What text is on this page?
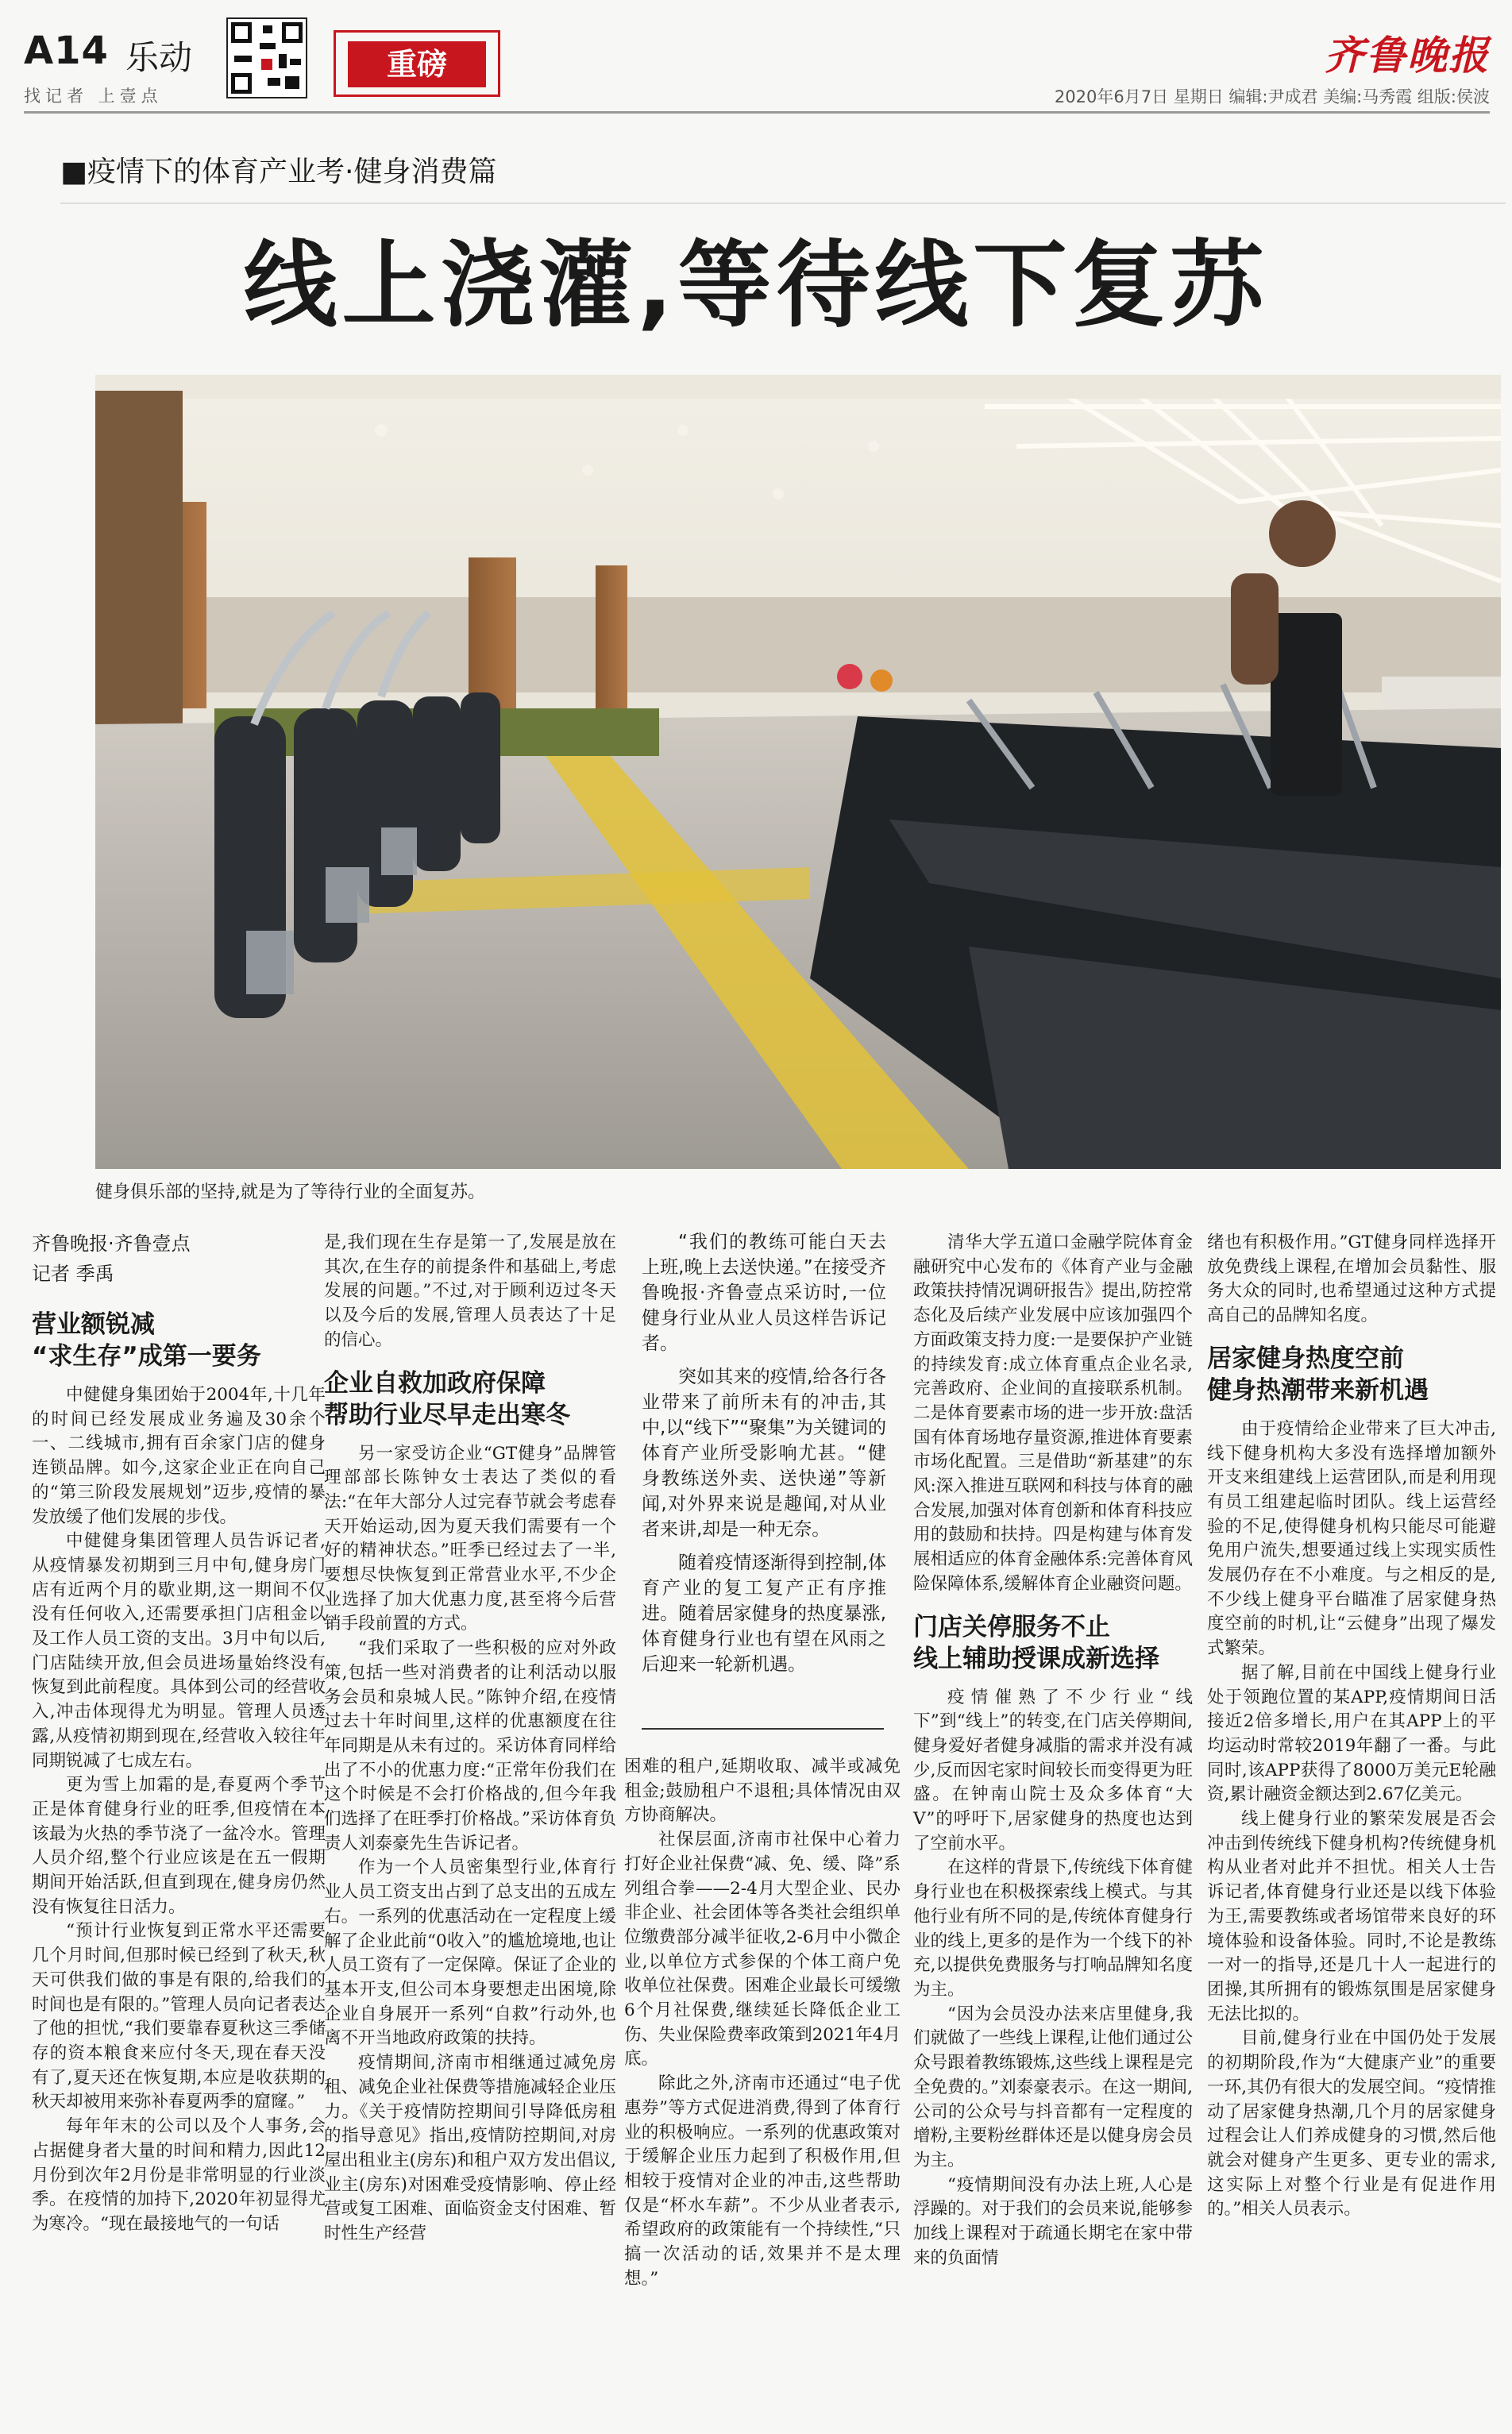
A14 乐动
找记者 上壹点
重磅	齐鲁晚报
2020年6月7日 星期日 编辑:尹成君 美编:马秀霞 组版:侯波
■疫情下的体育产业考·健身消费篇
线上浇灌,等待线下复苏
健身俱乐部的坚持,就是为了等待行业的全面复苏。
齐鲁晚报·齐鲁壹点
记者 季禹
营业额锐减
“求生存”成第一要务

中健健身集团始于2004年,十几年的时间已经发展成业务遍及30余个一、二线城市,拥有百余家门店的健身连锁品牌。如今,这家企业正在向自己的“第三阶段发展规划”迈步,疫情的暴发放缓了他们发展的步伐。

中健健身集团管理人员告诉记者,从疫情暴发初期到三月中旬,健身房门店有近两个月的歇业期,这一期间不仅没有任何收入,还需要承担门店租金以及工作人员工资的支出。3月中旬以后,门店陆续开放,但会员进场量始终没有恢复到此前程度。具体到公司的经营收入,冲击体现得尤为明显。管理人员透露,从疫情初期到现在,经营收入较往年同期锐减了七成左右。

更为雪上加霜的是,春夏两个季节正是体育健身行业的旺季,但疫情在本该最为火热的季节浇了一盆冷水。管理人员介绍,整个行业应该是在五一假期期间开始活跃,但直到现在,健身房仍然没有恢复往日活力。

“预计行业恢复到正常水平还需要几个月时间,但那时候已经到了秋天,秋天可供我们做的事是有限的,给我们的时间也是有限的。”管理人员向记者表达了他的担忧,“我们要靠春夏秋这三季储存的资本粮食来应付冬天,现在春天没有了,夏天还在恢复期,本应是收获期的秋天却被用来弥补春夏两季的窟窿。”

每年年末的公司以及个人事务,会占据健身者大量的时间和精力,因此12月份到次年2月份是非常明显的行业淡季。在疫情的加持下,2020年初显得尤为寒冷。“现在最接地气的一句话

是,我们现在生存是第一了,发展是放在其次,在生存的前提条件和基础上,考虑发展的问题。”不过,对于顾利迈过冬天以及今后的发展,管理人员表达了十足的信心。

企业自救加政府保障
帮助行业尽早走出寒冬

另一家受访企业“GT健身”品牌管理部部长陈钟女士表达了类似的看法:“在年大部分人过完春节就会考虑春天开始运动,因为夏天我们需要有一个好的精神状态。”旺季已经过去了一半,要想尽快恢复到正常营业水平,不少企业选择了加大优惠力度,甚至将今后营销手段前置的方式。

“我们采取了一些积极的应对外政策,包括一些对消费者的让利活动以服务会员和泉城人民。”陈钟介绍,在疫情过去十年时间里,这样的优惠额度在往年同期是从未有过的。采访体育同样给出了不小的优惠力度:“正常年份我们在这个时候是不会打价格战的,但今年我们选择了在旺季打价格战。”采访体育负责人刘泰豪先生告诉记者。

作为一个人员密集型行业,体育行业人员工资支出占到了总支出的五成左右。一系列的优惠活动在一定程度上缓解了企业此前“0收入”的尴尬境地,也让人员工资有了一定保障。保证了企业的基本开支,但公司本身要想走出困境,除企业自身展开一系列“自救”行动外,也离不开当地政府政策的扶持。

疫情期间,济南市相继通过减免房租、减免企业社保费等措施减轻企业压力。《关于疫情防控期间引导降低房租的指导意见》指出,疫情防控期间,对房屋出租业主(房东)和租户双方发出倡议,业主(房东)对困难受疫情影响、停止经营或复工困难、面临资金支付困难、暂时性生产经营

“我们的教练可能白天去上班,晚上去送快递。”在接受齐鲁晚报·齐鲁壹点采访时,一位健身行业从业人员这样告诉记者。

突如其来的疫情,给各行各业带来了前所未有的冲击,其中,以“线下”“聚集”为关键词的体育产业所受影响尤甚。“健身教练送外卖、送快递”等新闻,对外界来说是趣闻,对从业者来讲,却是一种无奈。

随着疫情逐渐得到控制,体育产业的复工复产正有序推进。随着居家健身的热度暴涨,体育健身行业也有望在风雨之后迎来一轮新机遇。

困难的租户,延期收取、减半或减免租金;鼓励租户不退租;具体情况由双方协商解决。

社保层面,济南市社保中心着力打好企业社保费“减、免、缓、降”系列组合拳——2-4月大型企业、民办非企业、社会团体等各类社会组织单位缴费部分减半征收,2-6月中小微企业,以单位方式参保的个体工商户免收单位社保费。困难企业最长可缓缴6个月社保费,继续延长降低企业工伤、失业保险费率政策到2021年4月底。

除此之外,济南市还通过“电子优惠券”等方式促进消费,得到了体育行业的积极响应。一系列的优惠政策对于缓解企业压力起到了积极作用,但相较于疫情对企业的冲击,这些帮助仅是“杯水车薪”。不少从业者表示,希望政府的政策能有一个持续性,“只搞一次活动的话,效果并不是太理想。”

清华大学五道口金融学院体育金融研究中心发布的《体育产业与金融政策扶持情况调研报告》提出,防控常态化及后续产业发展中应该加强四个方面政策支持力度:一是要保护产业链的持续发育:成立体育重点企业名录,完善政府、企业间的直接联系机制。二是体育要素市场的进一步开放:盘活国有体育场地存量资源,推进体育要素市场化配置。三是借助“新基建”的东风:深入推进互联网和科技与体育的融合发展,加强对体育创新和体育科技应用的鼓励和扶持。四是构建与体育发展相适应的体育金融体系:完善体育风险保障体系,缓解体育企业融资问题。

门店关停服务不止
线上辅助授课成新选择

疫情催熟了不少行业“线下”到“线上”的转变,在门店关停期间,健身爱好者健身减脂的需求并没有减少,反而因宅家时间较长而变得更为旺盛。在钟南山院士及众多体育“大V”的呼吁下,居家健身的热度也达到了空前水平。

在这样的背景下,传统线下体育健身行业也在积极探索线上模式。与其他行业有所不同的是,传统体育健身行业的线上,更多的是作为一个线下的补充,以提供免费服务与打响品牌知名度为主。

“因为会员没办法来店里健身,我们就做了一些线上课程,让他们通过公众号跟着教练锻炼,这些线上课程是完全免费的。”刘泰豪表示。在这一期间,公司的公众号与抖音都有一定程度的增粉,主要粉丝群体还是以健身房会员为主。

“疫情期间没有办法上班,人心是浮躁的。对于我们的会员来说,能够参加线上课程对于疏通长期宅在家中带来的负面情

绪也有积极作用。”GT健身同样选择开放免费线上课程,在增加会员黏性、服务大众的同时,也希望通过这种方式提高自己的品牌知名度。

居家健身热度空前
健身热潮带来新机遇

由于疫情给企业带来了巨大冲击,线下健身机构大多没有选择增加额外开支来组建线上运营团队,而是利用现有员工组建起临时团队。线上运营经验的不足,使得健身机构只能尽可能避免用户流失,想要通过线上实现实质性发展仍存在不小难度。与之相反的是,不少线上健身平台瞄准了居家健身热度空前的时机,让“云健身”出现了爆发式繁荣。

据了解,目前在中国线上健身行业处于领跑位置的某APP,疫情期间日活接近2倍多增长,用户在其APP上的平均运动时常较2019年翻了一番。与此同时,该APP获得了8000万美元E轮融资,累计融资金额达到2.67亿美元。

线上健身行业的繁荣发展是否会冲击到传统线下健身机构?传统健身机构从业者对此并不担忧。相关人士告诉记者,体育健身行业还是以线下体验为王,需要教练或者场馆带来良好的环境体验和设备体验。同时,不论是教练一对一的指导,还是几十人一起进行的团操,其所拥有的锻炼氛围是居家健身无法比拟的。

目前,健身行业在中国仍处于发展的初期阶段,作为“大健康产业”的重要一环,其仍有很大的发展空间。“疫情推动了居家健身热潮,几个月的居家健身过程会让人们养成健身的习惯,然后他就会对健身产生更多、更专业的需求,这实际上对整个行业是有促进作用的。”相关人员表示。
